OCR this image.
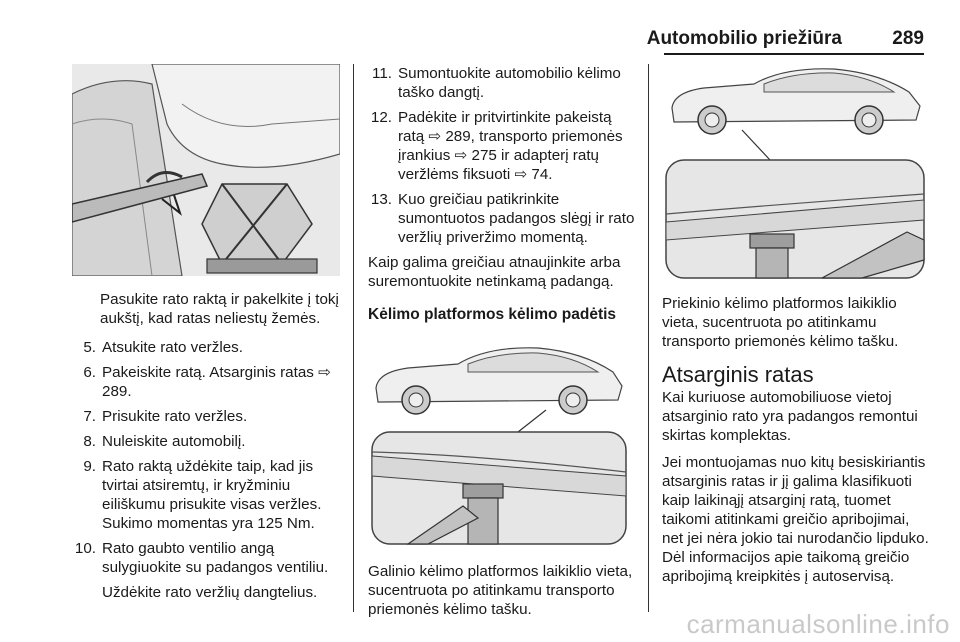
Automobilio priežiūra	289
Pasukite rato raktą ir pakelkite į tokį aukštį, kad ratas neliestų žemės.
5. Atsukite rato veržles.
6. Pakeiskite ratą. Atsarginis ratas ⇨ 289.
7. Prisukite rato veržles.
8. Nuleiskite automobilį.
9. Rato raktą uždėkite taip, kad jis tvirtai atsiremtų, ir kryžminiu eiliškumu prisukite visas veržles. Sukimo momentas yra 125 Nm.
10. Rato gaubto ventilio angą sulygiuokite su padangos ventiliu.
Uždėkite rato veržlių dangtelius.
11. Sumontuokite automobilio kėlimo taško dangtį.
12. Padėkite ir pritvirtinkite pakeistą ratą ⇨ 289, transporto priemonės įrankius ⇨ 275 ir adapterį ratų veržlėms fiksuoti ⇨ 74.
13. Kuo greičiau patikrinkite sumontuotos padangos slėgį ir rato veržlių priveržimo momentą.
Kaip galima greičiau atnaujinkite arba suremontuokite netinkamą padangą.
Kėlimo platformos kėlimo padėtis
Galinio kėlimo platformos laikiklio vieta, sucentruota po atitinkamu transporto priemonės kėlimo tašku.
Priekinio kėlimo platformos laikiklio vieta, sucentruota po atitinkamu transporto priemonės kėlimo tašku.
Atsarginis ratas
Kai kuriuose automobiliuose vietoj atsarginio rato yra padangos remontui skirtas komplektas.
Jei montuojamas nuo kitų besiskiriantis atsarginis ratas ir jį galima klasifikuoti kaip laikinąjį atsarginį ratą, tuomet taikomi atitinkami greičio apribojimai, net jei nėra jokio tai nurodančio lipduko. Dėl informacijos apie taikomą greičio apribojimą kreipkitės į autoservisą.
carmanualsonline.info
